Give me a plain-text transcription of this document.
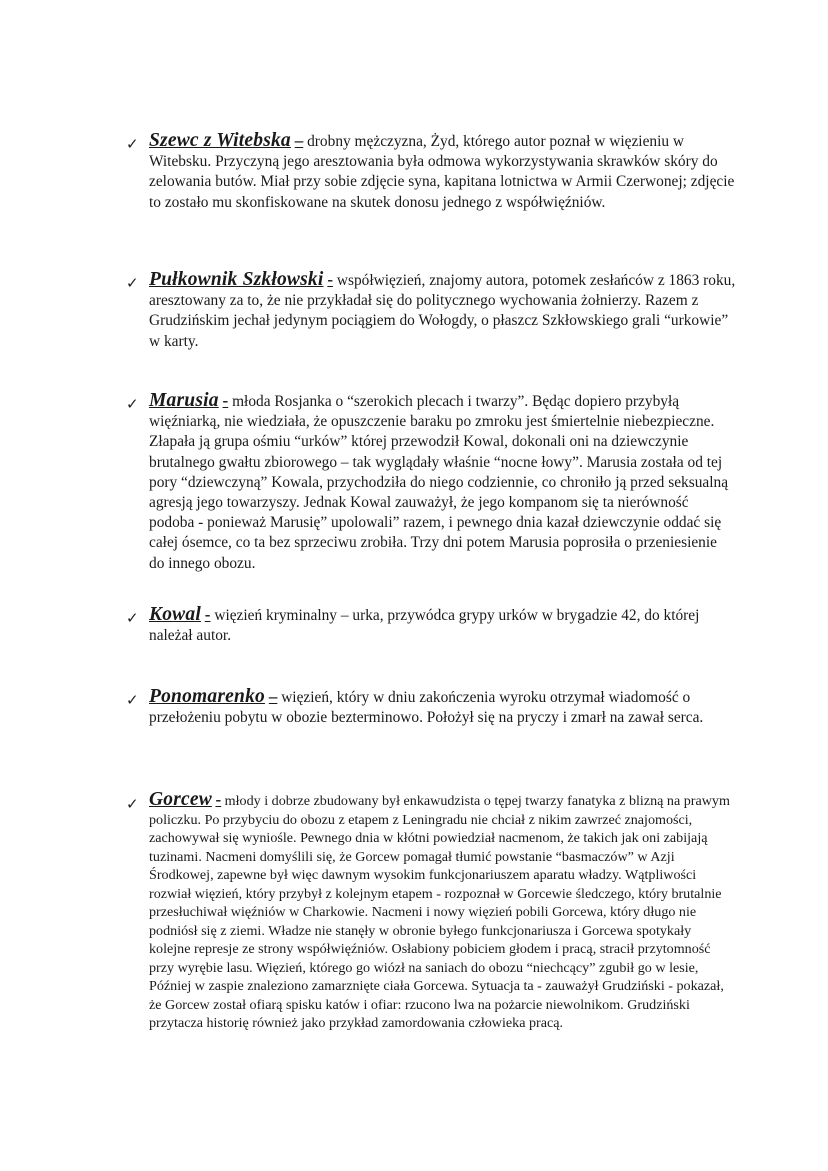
✓ Szewc z Witebska – drobny mężczyzna, Żyd, którego autor poznał w więzieniu w Witebsku. Przyczyną jego aresztowania była odmowa wykorzystywania skrawków skóry do zelowania butów. Miał przy sobie zdjęcie syna, kapitana lotnictwa w Armii Czerwonej; zdjęcie to zostało mu skonfiskowane na skutek donosu jednego z współwięźniów.
✓ Pułkownik Szkłowski - współwięzień, znajomy autora, potomek zesłańców z 1863 roku, aresztowany za to, że nie przykładał się do politycznego wychowania żołnierzy. Razem z Grudzińskim jechał jedynym pociągiem do Wołogdy, o płaszcz Szkłowskiego grali “urkowie” w karty.
✓ Marusia - młoda Rosjanka o “szerokich plecach i twarzy”. Będąc dopiero przybyłą więźniarką, nie wiedziała, że opuszczenie baraku po zmroku jest śmiertelnie niebezpieczne. Złapała ją grupa ośmiu “urków” której przewodził Kowal, dokonali oni na dziewczynie brutalnego gwałtu zbiorowego – tak wyglądały właśnie “nocne łowy”. Marusia została od tej pory “dziewczyną” Kowala, przychodziła do niego codziennie, co chroniło ją przed seksualną agresją jego towarzyszy. Jednak Kowal zauważył, że jego kompanom się ta nierówność podoba - ponieważ Marusię” upolowali” razem, i pewnego dnia kazał dziewczynie oddać się całej ósemce, co ta bez sprzeciwu zrobiła. Trzy dni potem Marusia poprosiła o przeniesienie do innego obozu.
✓ Kowal - więzień kryminalny – urka, przywódca grypy urków w brygadzie 42, do której należał autor.
✓ Ponomarenko – więzień, który w dniu zakończenia wyroku otrzymał wiadomość o przełożeniu pobytu w obozie bezterminowo. Położył się na pryczy i zmarł na zawał serca.
✓ Gorcew - młody i dobrze zbudowany był enkawudzista o tępej twarzy fanatyka z blizną na prawym policzku. Po przybyciu do obozu z etapem z Leningradu nie chciał z nikim zawrzeć znajomości, zachowywał się wyniośle. Pewnego dnia w kłótni powiedział nacmenom, że takich jak oni zabijają tuzinami. Nacmeni domyślili się, że Gorcew pomagał tłumić powstanie “basmaczów” w Azji Środkowej, zapewne był więc dawnym wysokim funkcjonariuszem aparatu władzy. Wątpliwości rozwiał więzień, który przybył z kolejnym etapem - rozpoznał w Gorcewie śledczego, który brutalnie przesłuchiwał więźniów w Charkowie. Nacmeni i nowy więzień pobili Gorcewa, który długo nie podniósł się z ziemi. Władze nie stanęły w obronie byłego funkcjonariusza i Gorcewa spotykały kolejne represje ze strony współwięźniów. Osłabiony pobiciem głodem i pracą, stracił przytomność przy wyrębie lasu. Więzień, którego go wiózł na saniach do obozu “niechcący” zgubił go w lesie, Później w zaspie znaleziono zamarznięte ciała Gorcewa. Sytuacja ta - zauważył Grudziński - pokazał, że Gorcew został ofiarą spisku katów i ofiar: rzucono lwa na pożarcie niewolnikom. Grudziński przytacza historię również jako przykład zamordowania człowieka pracą.
